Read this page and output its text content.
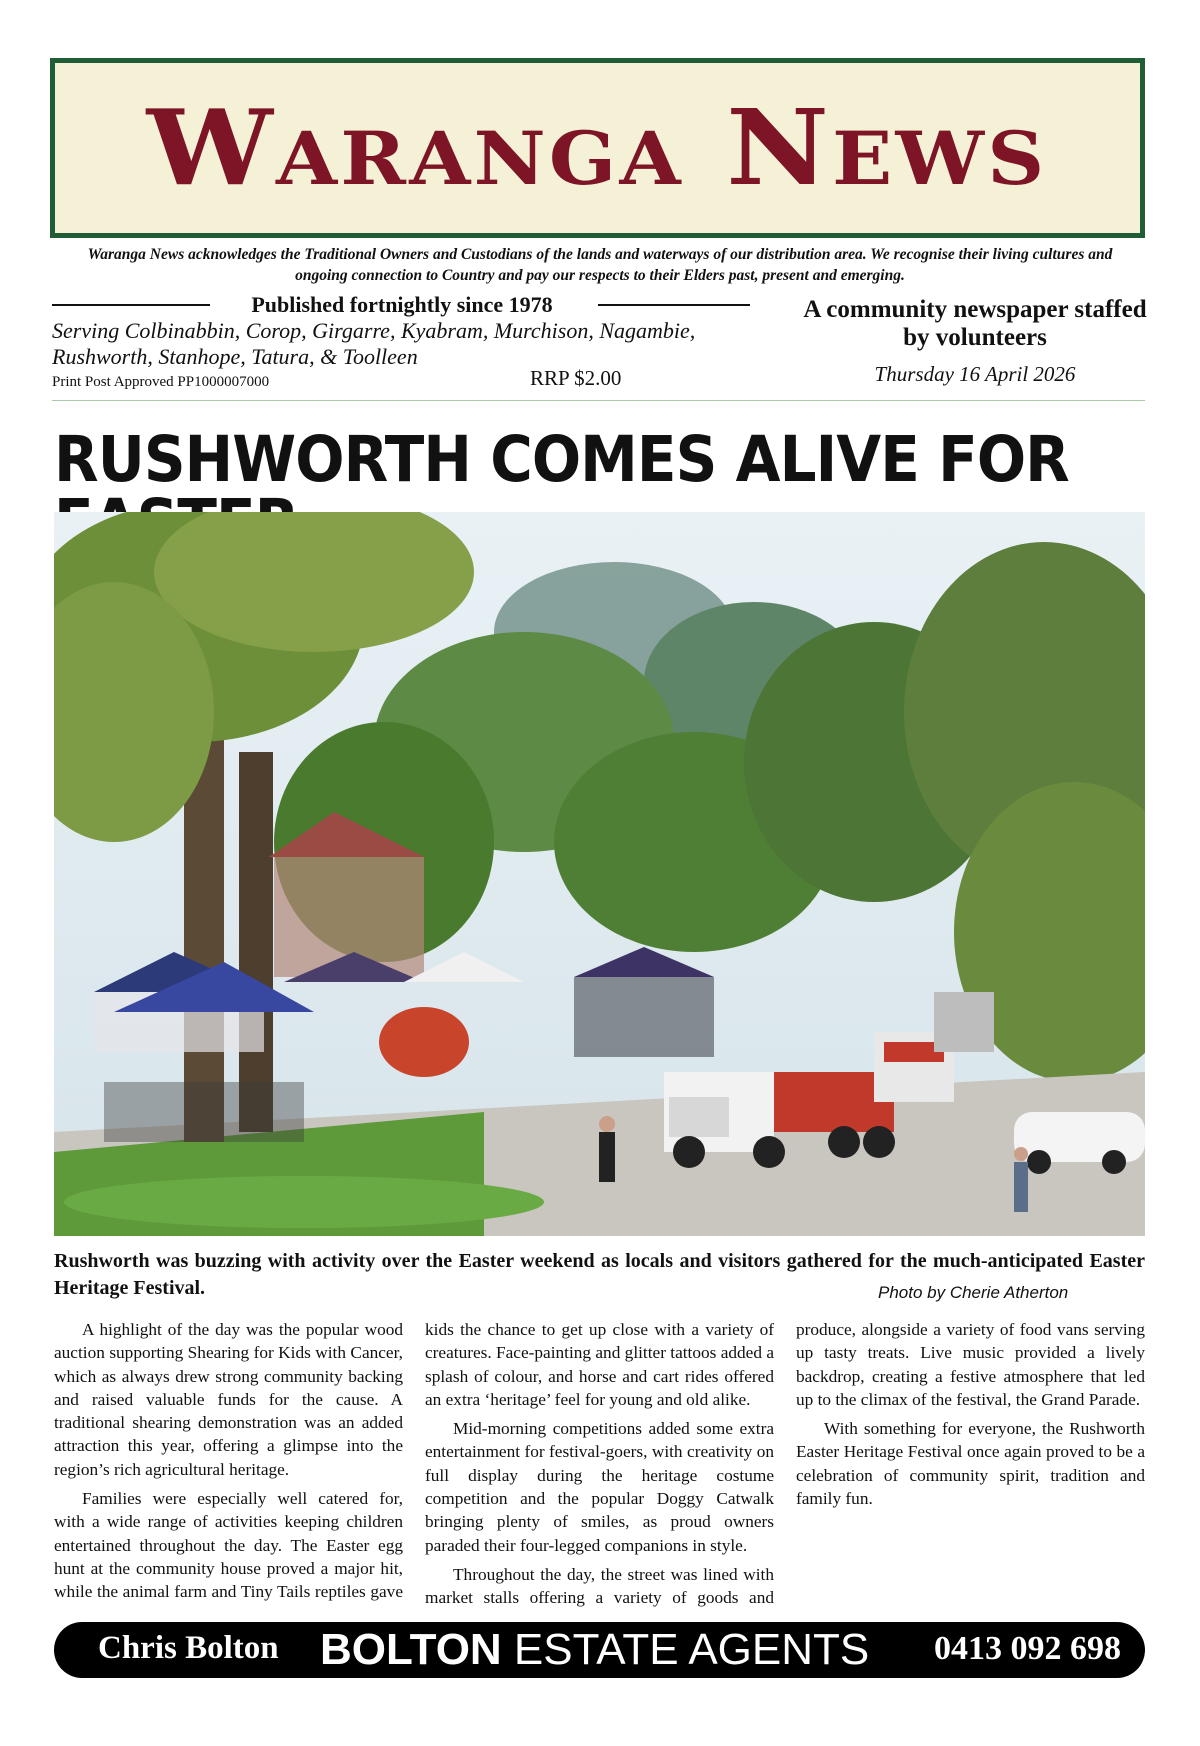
Waranga News
Waranga News acknowledges the Traditional Owners and Custodians of the lands and waterways of our distribution area. We recognise their living cultures and ongoing connection to Country and pay our respects to their Elders past, present and emerging.
Published fortnightly since 1978
Serving Colbinabbin, Corop, Girgarre, Kyabram, Murchison, Nagambie, Rushworth, Stanhope, Tatura, & Toolleen
Print Post Approved PP1000007000	RRP $2.00
A community newspaper staffed by volunteers
Thursday 16 April 2026
RUSHWORTH COMES ALIVE FOR
Rushworth was buzzing with activity over the Easter weekend as locals and visitors gathered for the much-anticipated Easter Heritage Festival.	Photo by Cherie Atherton

A highlight of the day was the popular wood auction supporting Shearing for Kids with Cancer, which as always drew strong community backing and raised valuable funds for the cause. A traditional shearing demonstration was an added attraction this year, offering a glimpse into the region’s rich agricultural heritage.

Families were especially well catered for, with a wide range of activities keeping children entertained throughout the day. The Easter egg hunt at the community house proved a major hit, while the animal farm and Tiny Tails reptiles gave kids the chance to get up close with a variety of creatures. Face-painting and glitter tattoos added a splash of colour, and horse and cart rides offered an extra ‘heritage’ feel for young and old alike.

Mid-morning competitions added some extra entertainment for festival-goers, with creativity on full display during the heritage costume competition and the popular Doggy Catwalk bringing plenty of smiles, as proud owners paraded their four-legged companions in style.

Throughout the day, the street was lined with market stalls offering a variety of goods and produce, alongside a variety of food vans serving up tasty treats. Live music provided a lively backdrop, creating a festive atmosphere that led up to the climax of the festival, the Grand Parade.

With something for everyone, the Rushworth Easter Heritage Festival once again proved to be a celebration of community spirit, tradition and family fun.

Chris Bolton BOLTON ESTATE AGENTS 0413 092 698
